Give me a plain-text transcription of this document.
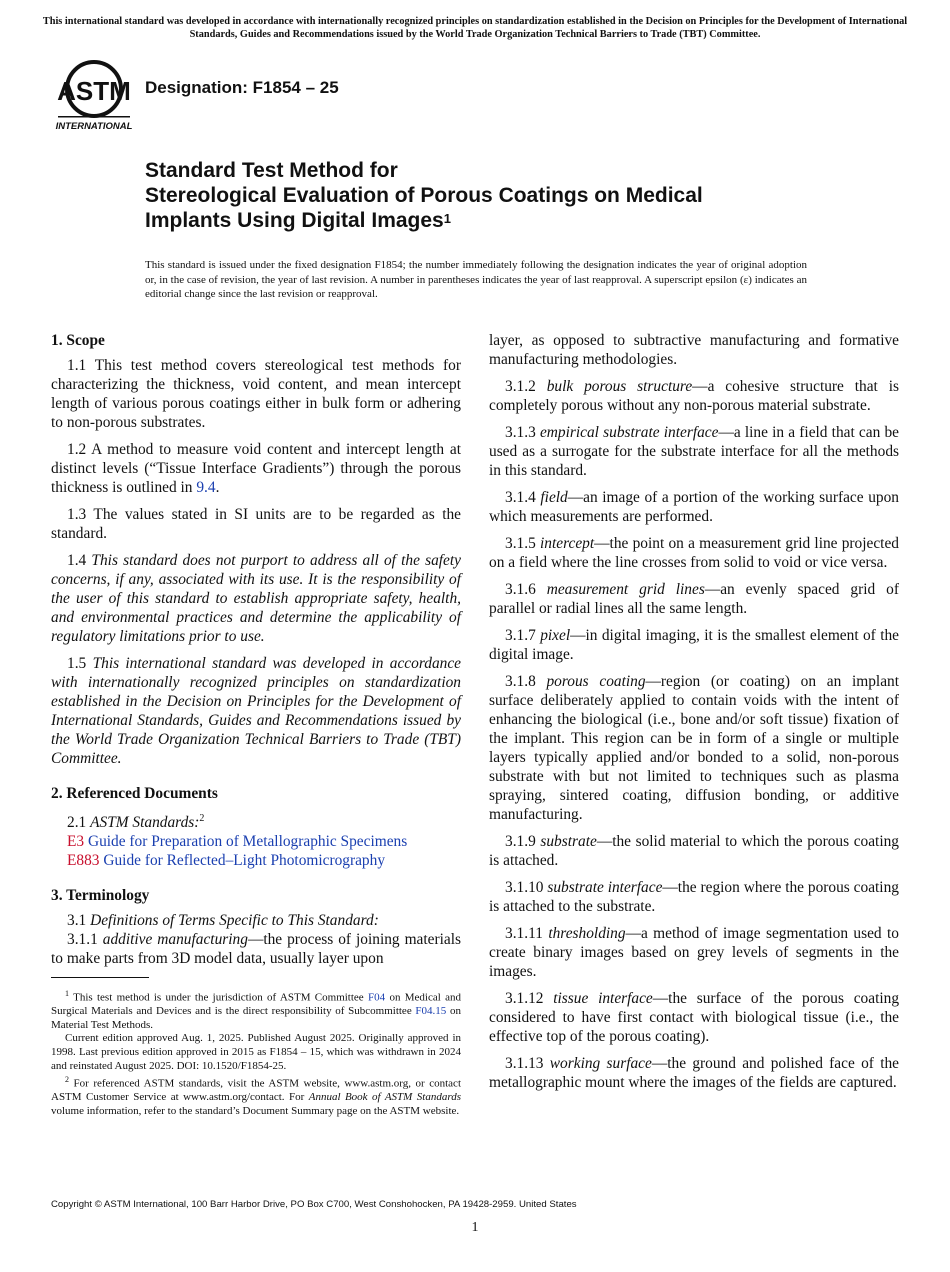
This international standard was developed in accordance with internationally recognized principles on standardization established in the Decision on Principles for the Development of International Standards, Guides and Recommendations issued by the World Trade Organization Technical Barriers to Trade (TBT) Committee.
ASTM
INTERNATIONAL
Designation: F1854 – 25
Standard Test Method for
Stereological Evaluation of Porous Coatings on Medical
Implants Using Digital Images$^1$
This standard is issued under the fixed designation F1854; the number immediately following the designation indicates the year of original adoption or, in the case of revision, the year of last revision. A number in parentheses indicates the year of last reapproval. A superscript epsilon (ε) indicates an editorial change since the last revision or reapproval.
1. Scope

1.1 This test method covers stereological test methods for characterizing the thickness, void content, and mean intercept length of various porous coatings either in bulk form or adhering to non-porous substrates.

1.2 A method to measure void content and intercept length at distinct levels (“Tissue Interface Gradients”) through the porous thickness is outlined in 9.4.

1.3 The values stated in SI units are to be regarded as the standard.

1.4 This standard does not purport to address all of the safety concerns, if any, associated with its use. It is the responsibility of the user of this standard to establish appropriate safety, health, and environmental practices and determine the applicability of regulatory limitations prior to use.

1.5 This international standard was developed in accordance with internationally recognized principles on standardization established in the Decision on Principles for the Development of International Standards, Guides and Recommendations issued by the World Trade Organization Technical Barriers to Trade (TBT) Committee.

2. Referenced Documents

2.1 ASTM Standards:$^2$

E3 Guide for Preparation of Metallographic Specimens

E883 Guide for Reflected–Light Photomicrography

3. Terminology

3.1 Definitions of Terms Specific to This Standard:

3.1.1 additive manufacturing—the process of joining materials to make parts from 3D model data, usually layer upon

$^1$ This test method is under the jurisdiction of ASTM Committee F04 on Medical and Surgical Materials and Devices and is the direct responsibility of Subcommittee F04.15 on Material Test Methods.

Current edition approved Aug. 1, 2025. Published August 2025. Originally approved in 1998. Last previous edition approved in 2015 as F1854 – 15, which was withdrawn in 2024 and reinstated August 2025. DOI: 10.1520/F1854-25.

$^2$ For referenced ASTM standards, visit the ASTM website, www.astm.org, or contact ASTM Customer Service at www.astm.org/contact. For Annual Book of ASTM Standards volume information, refer to the standard’s Document Summary page on the ASTM website.

layer, as opposed to subtractive manufacturing and formative manufacturing methodologies.

3.1.2 bulk porous structure—a cohesive structure that is completely porous without any non-porous material substrate.

3.1.3 empirical substrate interface—a line in a field that can be used as a surrogate for the substrate interface for all the methods in this standard.

3.1.4 field—an image of a portion of the working surface upon which measurements are performed.

3.1.5 intercept—the point on a measurement grid line projected on a field where the line crosses from solid to void or vice versa.

3.1.6 measurement grid lines—an evenly spaced grid of parallel or radial lines all the same length.

3.1.7 pixel—in digital imaging, it is the smallest element of the digital image.

3.1.8 porous coating—region (or coating) on an implant surface deliberately applied to contain voids with the intent of enhancing the biological (i.e., bone and/or soft tissue) fixation of the implant. This region can be in form of a single or multiple layers typically applied and/or bonded to a solid, non-porous substrate with but not limited to techniques such as plasma spraying, sintered coating, diffusion bonding, or additive manufacturing.

3.1.9 substrate—the solid material to which the porous coating is attached.

3.1.10 substrate interface—the region where the porous coating is attached to the substrate.

3.1.11 thresholding—a method of image segmentation used to create binary images based on grey levels of segments in the images.

3.1.12 tissue interface—the surface of the porous coating considered to have first contact with biological tissue (i.e., the effective top of the porous coating).

3.1.13 working surface—the ground and polished face of the metallographic mount where the images of the fields are captured.

Copyright © ASTM International, 100 Barr Harbor Drive, PO Box C700, West Conshohocken, PA 19428-2959. United States
1
